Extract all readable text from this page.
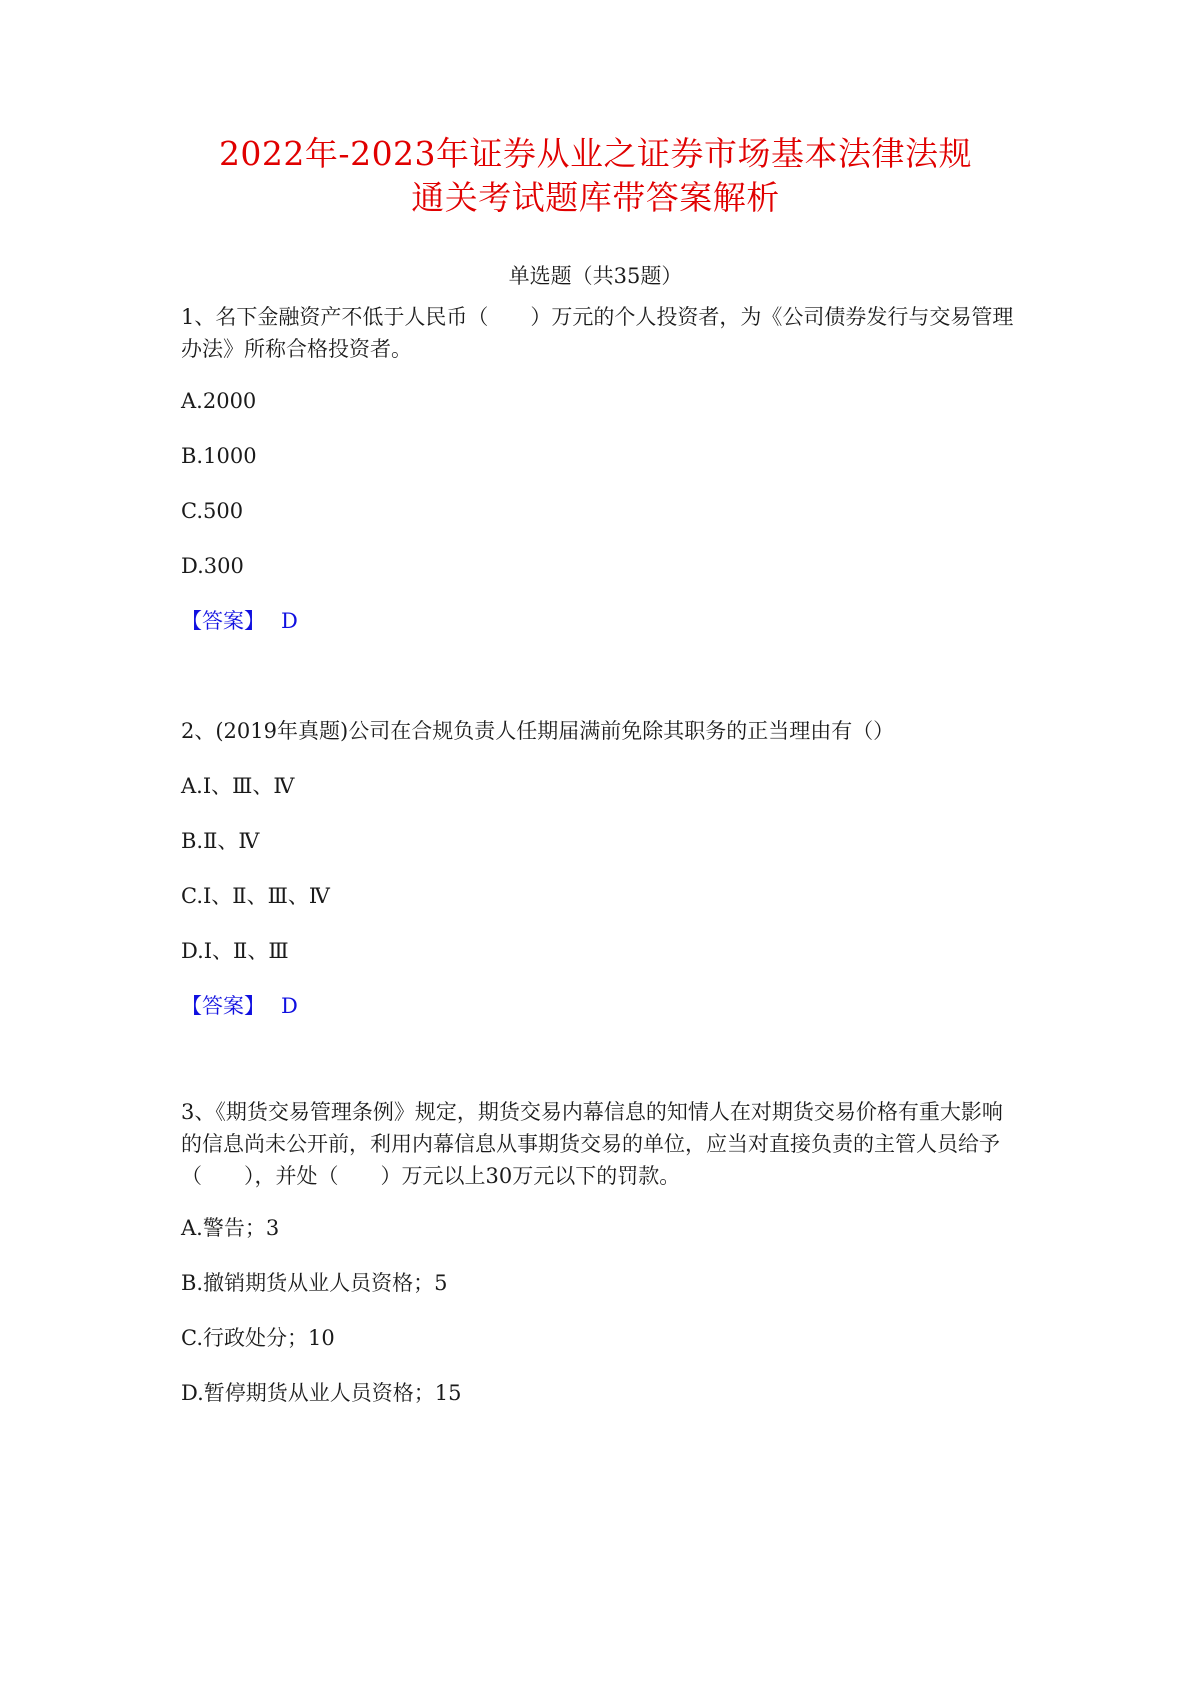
2022年-2023年证券从业之证券市场基本法律法规
通关考试题库带答案解析
单选题（共35题）
1、名下金融资产不低于人民币（　　）万元的个人投资者，为《公司债券发行与交易管理办法》所称合格投资者。
A.2000
B.1000
C.500
D.300
【答案】 D
2、(2019年真题)公司在合规负责人任期届满前免除其职务的正当理由有（）
A.Ⅰ、Ⅲ、Ⅳ
B.Ⅱ、Ⅳ
C.Ⅰ、Ⅱ、Ⅲ、Ⅳ
D.Ⅰ、Ⅱ、Ⅲ
【答案】 D
3、《期货交易管理条例》规定，期货交易内幕信息的知情人在对期货交易价格有重大影响的信息尚未公开前，利用内幕信息从事期货交易的单位，应当对直接负责的主管人员给予（　　），并处（　　）万元以上30万元以下的罚款。
A.警告；3
B.撤销期货从业人员资格；5
C.行政处分；10
D.暂停期货从业人员资格；15
